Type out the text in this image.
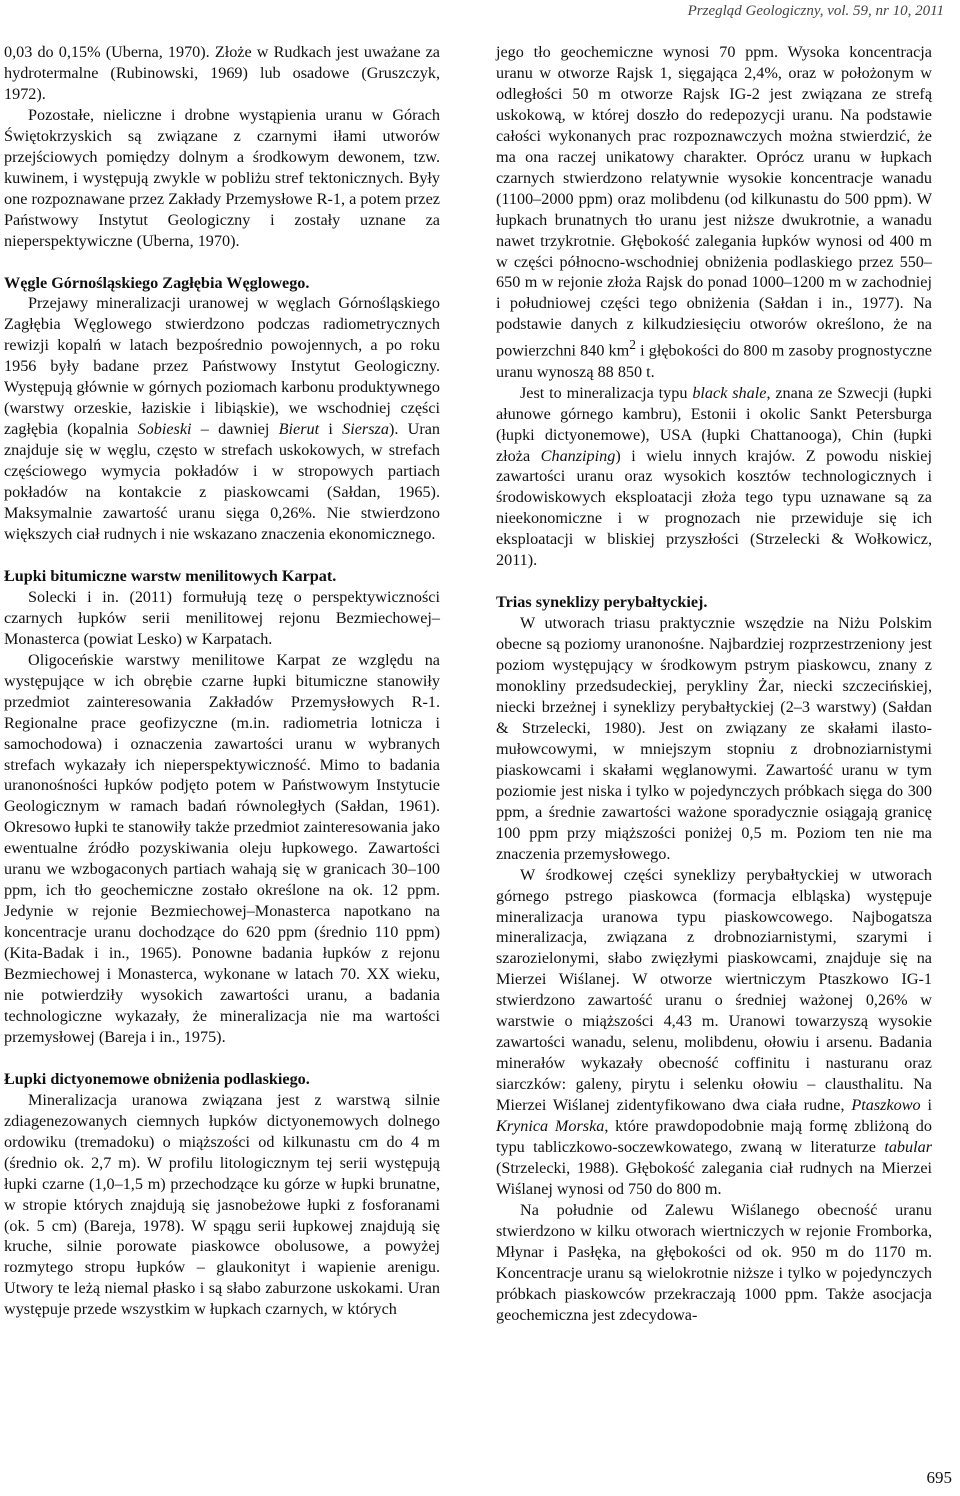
Przegląd Geologiczny, vol. 59, nr 10, 2011

0,03 do 0,15% (Uberna, 1970). Złoże w Rudkach jest uważane za hydrotermalne (Rubinowski, 1969) lub osadowe (Gruszczyk, 1972).

Pozostałe, nieliczne i drobne wystąpienia uranu w Górach Świętokrzyskich są związane z czarnymi iłami utworów przejściowych pomiędzy dolnym a środkowym dewonem, tzw. kuwinem, i występują zwykle w pobliżu stref tektonicznych. Były one rozpoznawane przez Zakłady Przemysłowe R-1, a potem przez Państwowy Instytut Geologiczny i zostały uznane za nieperspektywiczne (Uberna, 1970).

Węgle Górnośląskiego Zagłębia Węglowego.

Przejawy mineralizacji uranowej w węglach Górnośląskiego Zagłębia Węglowego stwierdzono podczas radiometrycznych rewizji kopalń w latach bezpośrednio powojennych, a po roku 1956 były badane przez Państwowy Instytut Geologiczny. Występują głównie w górnych poziomach karbonu produktywnego (warstwy orzeskie, łaziskie i libiąskie), we wschodniej części zagłębia (kopalnia Sobieski – dawniej Bierut i Siersza). Uran znajduje się w węglu, często w strefach uskokowych, w strefach częściowego wymycia pokładów i w stropowych partiach pokładów na kontakcie z piaskowcami (Sałdan, 1965). Maksymalnie zawartość uranu sięga 0,26%. Nie stwierdzono większych ciał rudnych i nie wskazano znaczenia ekonomicznego.

Łupki bitumiczne warstw menilitowych Karpat.

Solecki i in. (2011) formułują tezę o perspektywiczności czarnych łupków serii menilitowej rejonu Bezmiechowej–Monasterca (powiat Lesko) w Karpatach.

Oligoceńskie warstwy menilitowe Karpat ze względu na występujące w ich obrębie czarne łupki bitumiczne stanowiły przedmiot zainteresowania Zakładów Przemysłowych R-1. Regionalne prace geofizyczne (m.in. radiometria lotnicza i samochodowa) i oznaczenia zawartości uranu w wybranych strefach wykazały ich nieperspektywiczność. Mimo to badania uranonośności łupków podjęto potem w Państwowym Instytucie Geologicznym w ramach badań równoległych (Sałdan, 1961). Okresowo łupki te stanowiły także przedmiot zainteresowania jako ewentualne źródło pozyskiwania oleju łupkowego. Zawartości uranu we wzbogaconych partiach wahają się w granicach 30–100 ppm, ich tło geochemiczne zostało określone na ok. 12 ppm. Jedynie w rejonie Bezmiechowej–Monasterca napotkano na koncentracje uranu dochodzące do 620 ppm (średnio 110 ppm) (Kita-Badak i in., 1965). Ponowne badania łupków z rejonu Bezmiechowej i Monasterca, wykonane w latach 70. XX wieku, nie potwierdziły wysokich zawartości uranu, a badania technologiczne wykazały, że mineralizacja nie ma wartości przemysłowej (Bareja i in., 1975).

Łupki dictyonemowe obniżenia podlaskiego.

Mineralizacja uranowa związana jest z warstwą silnie zdiagenezowanych ciemnych łupków dictyonemowych dolnego ordowiku (tremadoku) o miąższości od kilkunastu cm do 4 m (średnio ok. 2,7 m). W profilu litologicznym tej serii występują łupki czarne (1,0–1,5 m) przechodzące ku górze w łupki brunatne, w stropie których znajdują się jasnobeżowe łupki z fosforanami (ok. 5 cm) (Bareja, 1978). W spągu serii łupkowej znajdują się kruche, silnie porowate piaskowce obolusowe, a powyżej rozmytego stropu łupków – glaukonityt i wapienie arenigu. Utwory te leżą niemal płasko i są słabo zaburzone uskokami. Uran występuje przede wszystkim w łupkach czarnych, w których

jego tło geochemiczne wynosi 70 ppm. Wysoka koncentracja uranu w otworze Rajsk 1, sięgająca 2,4%, oraz w położonym w odległości 50 m otworze Rajsk IG-2 jest związana ze strefą uskokową, w której doszło do redepozycji uranu. Na podstawie całości wykonanych prac rozpoznawczych można stwierdzić, że ma ona raczej unikatowy charakter. Oprócz uranu w łupkach czarnych stwierdzono relatywnie wysokie koncentracje wanadu (1100–2000 ppm) oraz molibdenu (od kilkunastu do 500 ppm). W łupkach brunatnych tło uranu jest niższe dwukrotnie, a wanadu nawet trzykrotnie. Głębokość zalegania łupków wynosi od 400 m w części północno-wschodniej obniżenia podlaskiego przez 550–650 m w rejonie złoża Rajsk do ponad 1000–1200 m w zachodniej i południowej części tego obniżenia (Sałdan i in., 1977). Na podstawie danych z kilkudziesięciu otworów określono, że na powierzchni 840 $km^2$ i głębokości do 800 m zasoby prognostyczne uranu wynoszą 88 850 t.

Jest to mineralizacja typu black shale, znana ze Szwecji (łupki ałunowe górnego kambru), Estonii i okolic Sankt Petersburga (łupki dictyonemowe), USA (łupki Chattanooga), Chin (łupki złoża Chanziping) i wielu innych krajów. Z powodu niskiej zawartości uranu oraz wysokich kosztów technologicznych i środowiskowych eksploatacji złoża tego typu uznawane są za nieekonomiczne i w prognozach nie przewiduje się ich eksploatacji w bliskiej przyszłości (Strzelecki & Wołkowicz, 2011).

Trias syneklizy perybałtyckiej.

W utworach triasu praktycznie wszędzie na Niżu Polskim obecne są poziomy uranonośne. Najbardziej rozprzestrzeniony jest poziom występujący w środkowym pstrym piaskowcu, znany z monokliny przedsudeckiej, perykliny Żar, niecki szczecińskiej, niecki brzeżnej i syneklizy perybałtyckiej (2–3 warstwy) (Sałdan & Strzelecki, 1980). Jest on związany ze skałami ilasto-mułowcowymi, w mniejszym stopniu z drobnoziarnistymi piaskowcami i skałami węglanowymi. Zawartość uranu w tym poziomie jest niska i tylko w pojedynczych próbkach sięga do 300 ppm, a średnie zawartości ważone sporadycznie osiągają granicę 100 ppm przy miąższości poniżej 0,5 m. Poziom ten nie ma znaczenia przemysłowego.

W środkowej części syneklizy perybałtyckiej w utworach górnego pstrego piaskowca (formacja elbląska) występuje mineralizacja uranowa typu piaskowcowego. Najbogatsza mineralizacja, związana z drobnoziarnistymi, szarymi i szarozielonymi, słabo zwięzłymi piaskowcami, znajduje się na Mierzei Wiślanej. W otworze wiertniczym Ptaszkowo IG-1 stwierdzono zawartość uranu o średniej ważonej 0,26% w warstwie o miąższości 4,43 m. Uranowi towarzyszą wysokie zawartości wanadu, selenu, molibdenu, ołowiu i arsenu. Badania minerałów wykazały obecność coffinitu i nasturanu oraz siarczków: galeny, pirytu i selenku ołowiu – clausthalitu. Na Mierzei Wiślanej zidentyfikowano dwa ciała rudne, Ptaszkowo i Krynica Morska, które prawdopodobnie mają formę zbliżoną do typu tabliczkowo-soczewkowatego, zwaną w literaturze tabular (Strzelecki, 1988). Głębokość zalegania ciał rudnych na Mierzei Wiślanej wynosi od 750 do 800 m.

Na południe od Zalewu Wiślanego obecność uranu stwierdzono w kilku otworach wiertniczych w rejonie Fromborka, Młynar i Pasłęka, na głębokości od ok. 950 m do 1170 m. Koncentracje uranu są wielokrotnie niższe i tylko w pojedynczych próbkach piaskowców przekraczają 1000 ppm. Także asocjacja geochemiczna jest zdecydowa-

695
